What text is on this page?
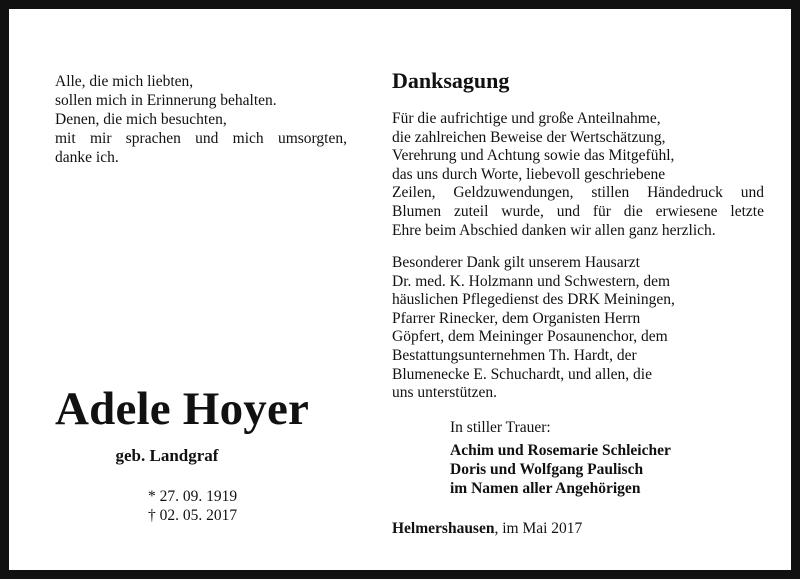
Alle, die mich liebten,
sollen mich in Erinnerung behalten.
Denen, die mich besuchten,
mit mir sprachen und mich umsorgten,
danke ich.
Adele Hoyer
geb. Landgraf
* 27. 09. 1919
† 02. 05. 2017
Danksagung
Für die aufrichtige und große Anteilnahme,
die zahlreichen Beweise der Wertschätzung,
Verehrung und Achtung sowie das Mitgefühl,
das uns durch Worte, liebevoll geschriebene
Zeilen, Geldzuwendungen, stillen Händedruck und
Blumen zuteil wurde, und für die erwiesene letzte
Ehre beim Abschied danken wir allen ganz herzlich.
Besonderer Dank gilt unserem Hausarzt
Dr. med. K. Holzmann und Schwestern, dem
häuslichen Pflegedienst des DRK Meiningen,
Pfarrer Rinecker, dem Organisten Herrn
Göpfert, dem Meininger Posaunenchor, dem
Bestattungsunternehmen Th. Hardt, der
Blumenecke E. Schuchardt, und allen, die
uns unterstützen.
In stiller Trauer:
Achim und Rosemarie Schleicher
Doris und Wolfgang Paulisch
im Namen aller Angehörigen
Helmershausen, im Mai 2017
